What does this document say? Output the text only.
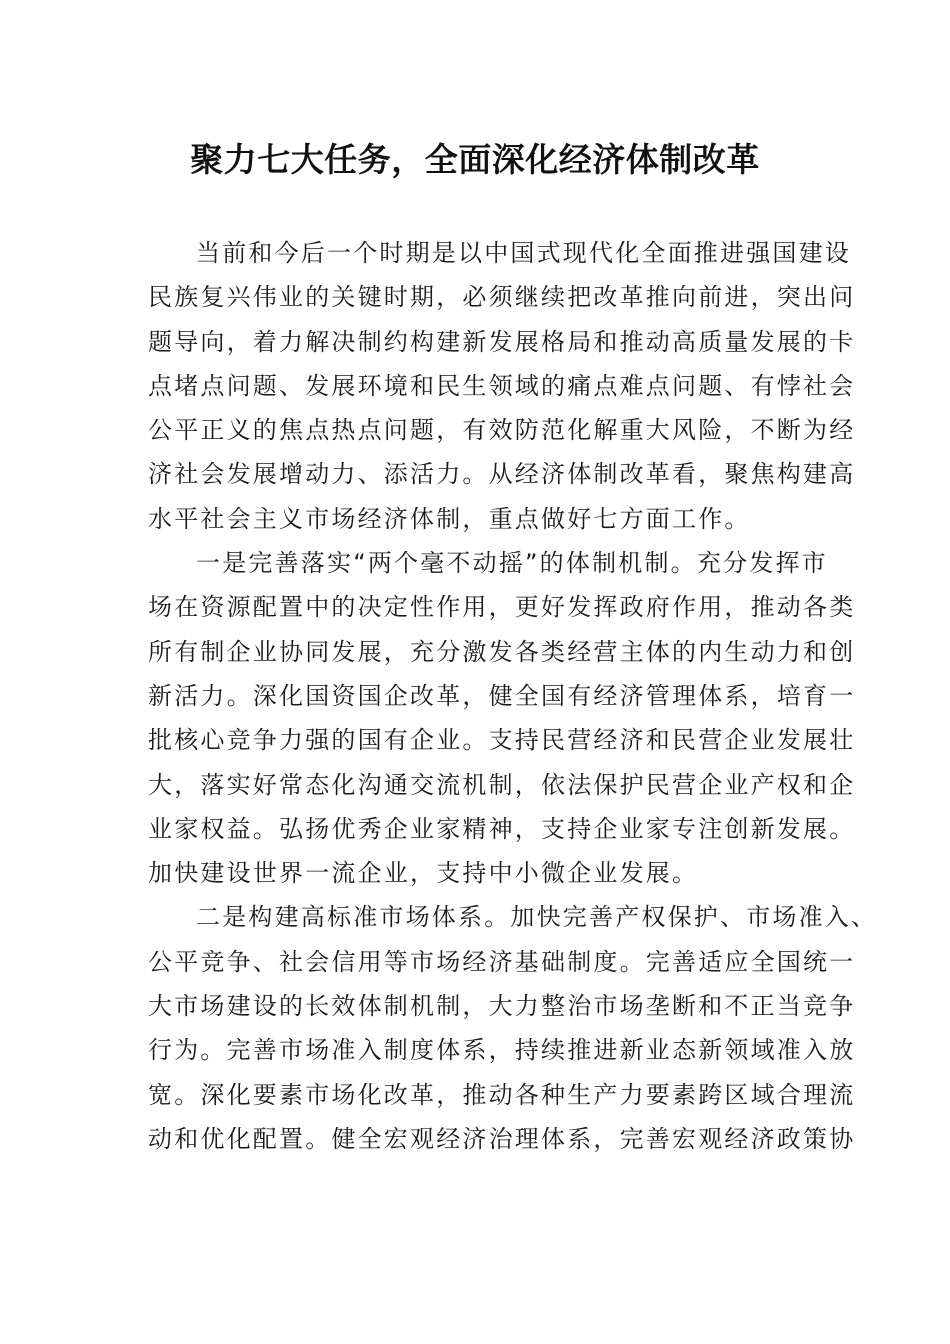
聚力七大任务，全面深化经济体制改革
当前和今后一个时期是以中国式现代化全面推进强国建设
民族复兴伟业的关键时期，必须继续把改革推向前进，突出问
题导向，着力解决制约构建新发展格局和推动高质量发展的卡
点堵点问题、发展环境和民生领域的痛点难点问题、有悖社会
公平正义的焦点热点问题，有效防范化解重大风险，不断为经
济社会发展增动力、添活力。从经济体制改革看，聚焦构建高
水平社会主义市场经济体制，重点做好七方面工作。
一是完善落实“两个毫不动摇”的体制机制。充分发挥市
场在资源配置中的决定性作用，更好发挥政府作用，推动各类
所有制企业协同发展，充分激发各类经营主体的内生动力和创
新活力。深化国资国企改革，健全国有经济管理体系，培育一
批核心竞争力强的国有企业。支持民营经济和民营企业发展壮
大，落实好常态化沟通交流机制，依法保护民营企业产权和企
业家权益。弘扬优秀企业家精神，支持企业家专注创新发展。
加快建设世界一流企业，支持中小微企业发展。
二是构建高标准市场体系。加快完善产权保护、市场准入、
公平竞争、社会信用等市场经济基础制度。完善适应全国统一
大市场建设的长效体制机制，大力整治市场垄断和不正当竞争
行为。完善市场准入制度体系，持续推进新业态新领域准入放
宽。深化要素市场化改革，推动各种生产力要素跨区域合理流
动和优化配置。健全宏观经济治理体系，完善宏观经济政策协
